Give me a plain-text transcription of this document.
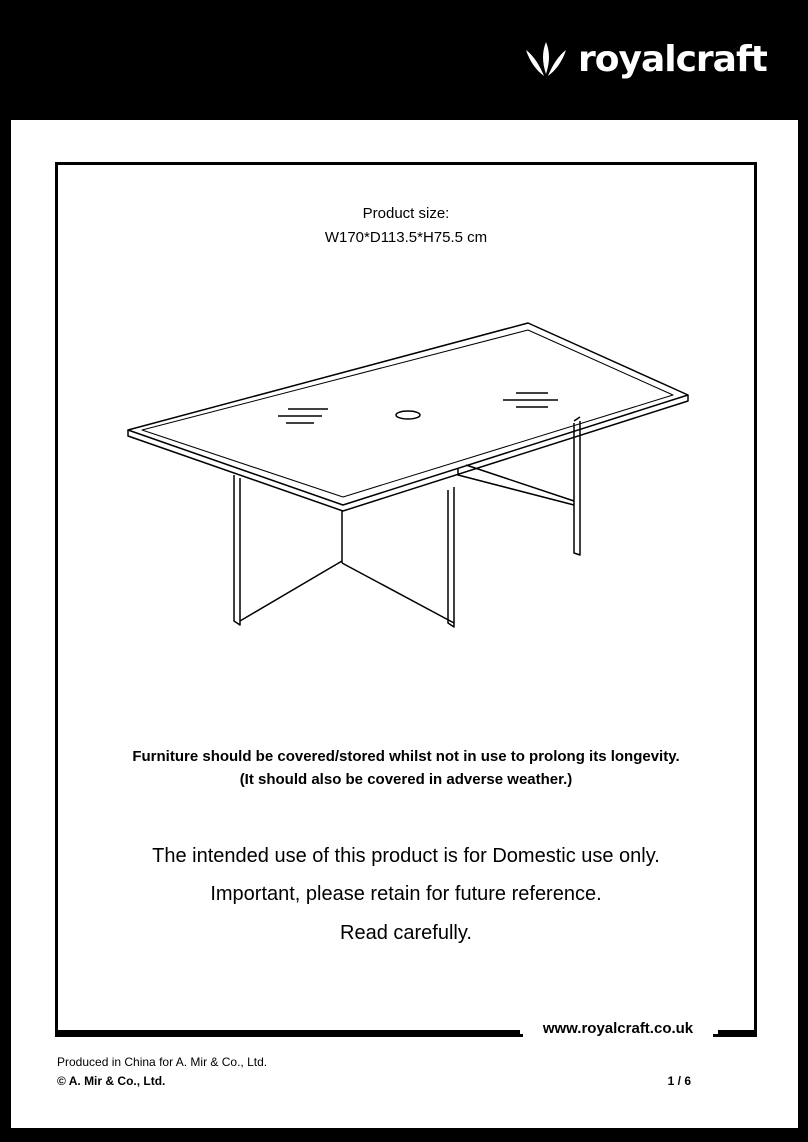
royalcraft
Product size:
W170*D113.5*H75.5 cm
Furniture should be covered/stored whilst not in use to prolong its longevity.
(It should also be covered in adverse weather.)
The intended use of this product is for Domestic use only.
Important, please retain for future reference.
Read carefully.
www.royalcraft.co.uk
Produced in China for A. Mir & Co., Ltd.
© A. Mir & Co., Ltd.	1 / 6
